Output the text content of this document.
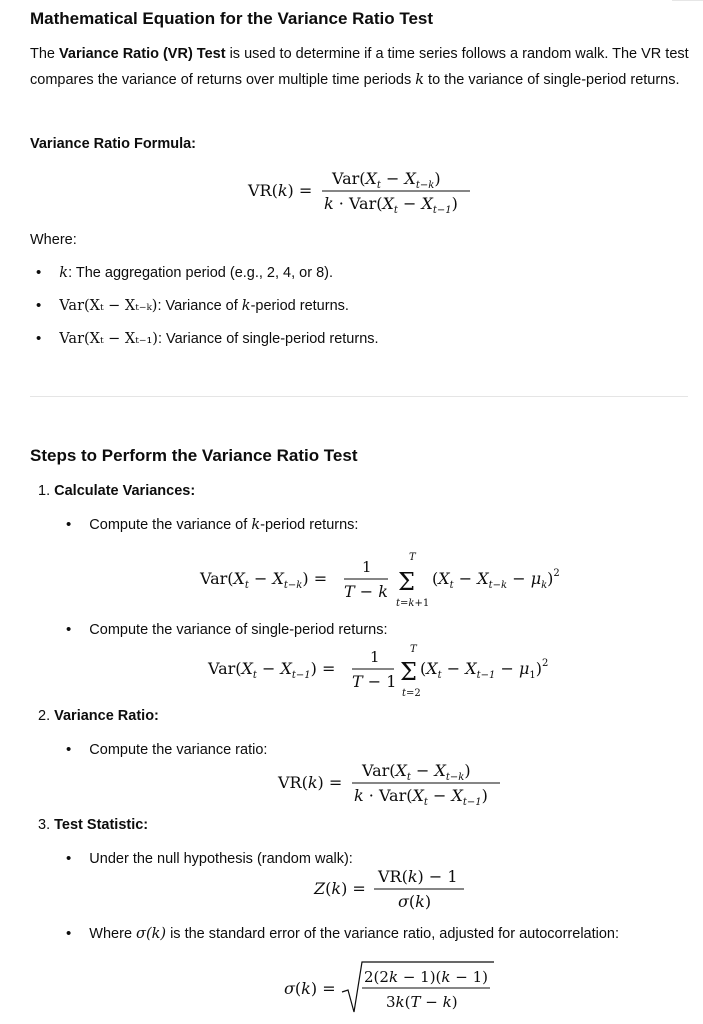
Mathematical Equation for the Variance Ratio Test
The Variance Ratio (VR) Test is used to determine if a time series follows a random walk. The VR test compares the variance of returns over multiple time periods k to the variance of single-period returns.
Variance Ratio Formula:
VR(k) =
$Var(X_t - X_{t-k})$
$k \cdot Var(X_t - X_{t-1})$
Where:
• k: The aggregation period (e.g., 2, 4, or 8).
• Var(Xₜ − Xₜ₋ₖ): Variance of k-period returns.
• Var(Xₜ − Xₜ₋₁): Variance of single-period returns.
Steps to Perform the Variance Ratio Test
1. Calculate Variances:
• Compute the variance of k-period returns:
$Var(X_t - X_{t-k})$ =
1
T − k
T
Σ
t=k+1
$(X_t - X_{t-k} - \mu_k)^2$
• Compute the variance of single-period returns:
$Var(X_t - X_{t-1})$ =
1
T − 1
T
Σ
t=2
$(X_t - X_{t-1} - \mu_1)^2$
2. Variance Ratio:
• Compute the variance ratio:
VR(k) =
$Var(X_t - X_{t-k})$
$k \cdot Var(X_t - X_{t-1})$
3. Test Statistic:
• Under the null hypothesis (random walk):
Z(k) =
VR(k) − 1
σ(k)
• Where σ(k) is the standard error of the variance ratio, adjusted for autocorrelation:
σ(k) =
2(2k − 1)(k − 1)
3k(T − k)
